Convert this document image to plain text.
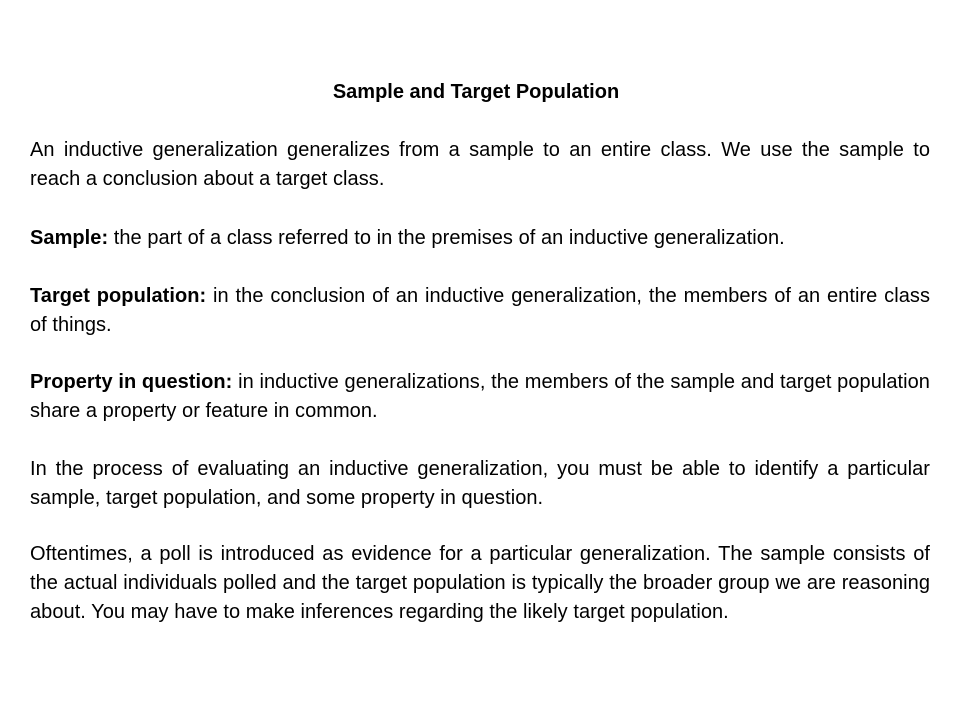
Sample and Target Population

An inductive generalization generalizes from a sample to an entire class. We use the sample to reach a conclusion about a target class.

Sample: the part of a class referred to in the premises of an inductive generalization.

Target population: in the conclusion of an inductive generalization, the members of an entire class of things.

Property in question: in inductive generalizations, the members of the sample and target population share a property or feature in common.

In the process of evaluating an inductive generalization, you must be able to identify a particular sample, target population, and some property in question.

Oftentimes, a poll is introduced as evidence for a particular generalization. The sample consists of the actual individuals polled and the target population is typically the broader group we are reasoning about. You may have to make inferences regarding the likely target population.
